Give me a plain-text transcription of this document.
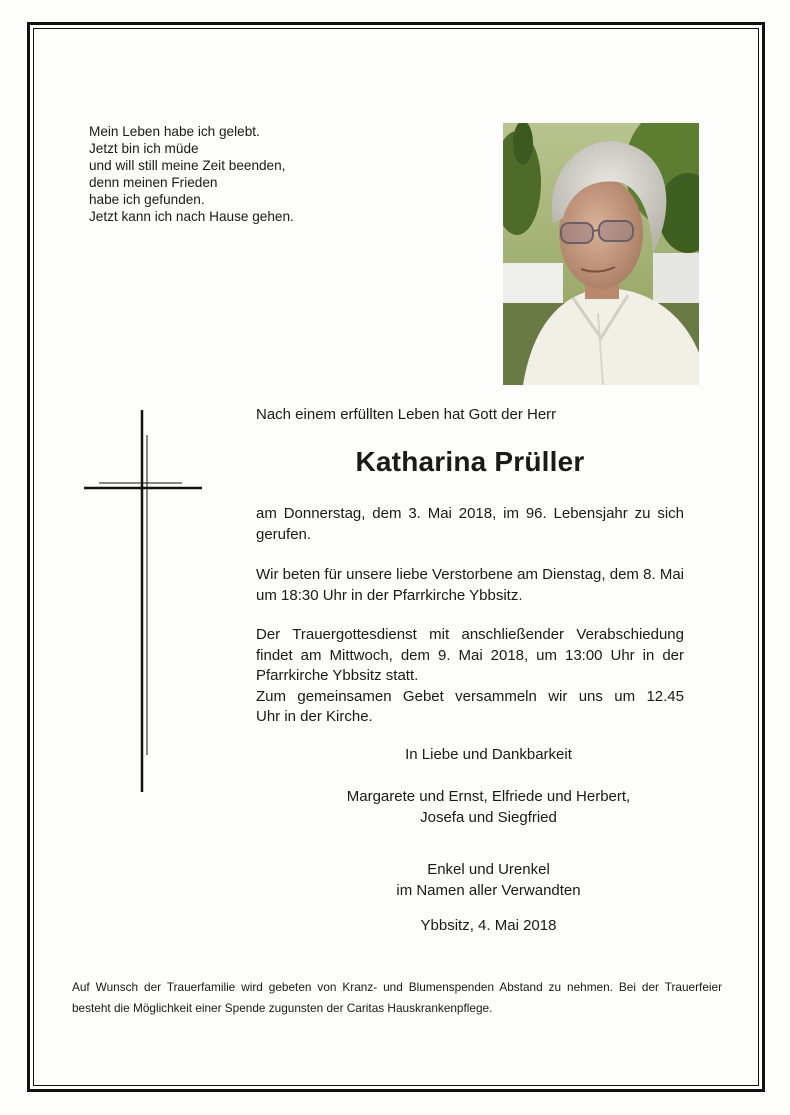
Mein Leben habe ich gelebt.
Jetzt bin ich müde
und will still meine Zeit beenden,
denn meinen Frieden
habe ich gefunden.
Jetzt kann ich nach Hause gehen.
Nach einem erfüllten Leben hat Gott der Herr
Katharina Prüller
am Donnerstag, dem 3. Mai 2018, im 96. Lebensjahr zu sich gerufen.
Wir beten für unsere liebe Verstorbene am Dienstag, dem 8. Mai um 18:30 Uhr in der Pfarrkirche Ybbsitz.
Der Trauergottesdienst mit anschließender Verabschiedung
findet am Mittwoch, dem 9. Mai 2018, um 13:00 Uhr in der
Pfarrkirche Ybbsitz statt.
Zum gemeinsamen Gebet versammeln wir uns um 12.45
Uhr in der Kirche.
In Liebe und Dankbarkeit
Margarete und Ernst, Elfriede und Herbert,
Josefa und Siegfried
Enkel und Urenkel
im Namen aller Verwandten
Ybbsitz, 4. Mai 2018
Auf Wunsch der Trauerfamilie wird gebeten von Kranz- und Blumenspenden Abstand zu nehmen. Bei der Trauerfeier besteht die Möglichkeit einer Spende zugunsten der Caritas Hauskrankenpflege.
